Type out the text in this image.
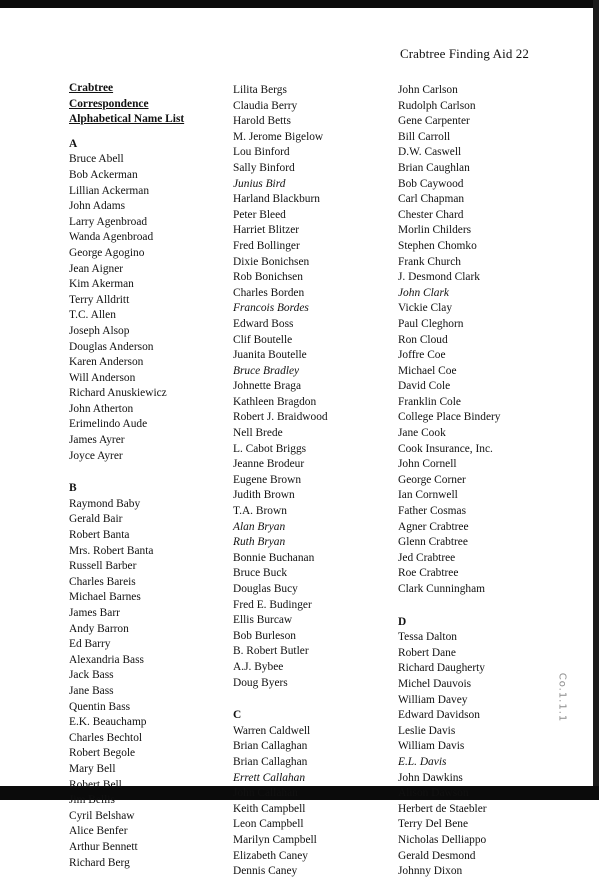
Crabtree Finding Aid 22
Crabtree
Correspondence
Alphabetical Name List
A
Bruce Abell
Bob Ackerman
Lillian Ackerman
John Adams
Larry Agenbroad
Wanda Agenbroad
George Agogino
Jean Aigner
Kim Akerman
Terry Alldritt
T.C. Allen
Joseph Alsop
Douglas Anderson
Karen Anderson
Will Anderson
Richard Anuskiewicz
John Atherton
Erimelindo Aude
James Ayrer
Joyce Ayrer
B
Raymond Baby
Gerald Bair
Robert Banta
Mrs. Robert Banta
Russell Barber
Charles Bareis
Michael Barnes
James Barr
Andy Barron
Ed Barry
Alexandria Bass
Jack Bass
Jane Bass
Quentin Bass
E.K. Beauchamp
Charles Bechtol
Robert Begole
Mary Bell
Robert Bell
Jim Bellis
Cyril Belshaw
Alice Benfer
Arthur Bennett
Richard Berg
Lilita Bergs
Claudia Berry
Harold Betts
M. Jerome Bigelow
Lou Binford
Sally Binford
Junius Bird
Harland Blackburn
Peter Bleed
Harriet Blitzer
Fred Bollinger
Dixie Bonichsen
Rob Bonichsen
Charles Borden
Francois Bordes
Edward Boss
Clif Boutelle
Juanita Boutelle
Bruce Bradley
Johnette Braga
Kathleen Bragdon
Robert J. Braidwood
Nell Brede
L. Cabot Briggs
Jeanne Brodeur
Eugene Brown
Judith Brown
T.A. Brown
Alan Bryan
Ruth Bryan
Bonnie Buchanan
Bruce Buck
Douglas Bucy
Fred E. Budinger
Ellis Burcaw
Bob Burleson
B. Robert Butler
A.J. Bybee
Doug Byers
C
Warren Caldwell
Brian Callaghan
Brian Callaghan
Errett Callahan
John Callahan
Keith Campbell
Leon Campbell
Marilyn Campbell
Elizabeth Caney
Dennis Caney
John Carlson
Rudolph Carlson
Gene Carpenter
Bill Carroll
D.W. Caswell
Brian Caughlan
Bob Caywood
Carl Chapman
Chester Chard
Morlin Childers
Stephen Chomko
Frank Church
J. Desmond Clark
John Clark
Vickie Clay
Paul Cleghorn
Ron Cloud
Joffre Coe
Michael Coe
David Cole
Franklin Cole
College Place Bindery
Jane Cook
Cook Insurance, Inc.
John Cornell
George Corner
Ian Cornwell
Father Cosmas
Agner Crabtree
Glenn Crabtree
Jed Crabtree
Roe Crabtree
Clark Cunningham
D
Tessa Dalton
Robert Dane
Richard Daugherty
Michel Dauvois
William Davey
Edward Davidson
Leslie Davis
William Davis
E.L. Davis
John Dawkins
Alison Dawson
Herbert de Staebler
Terry Del Bene
Nicholas Delliappo
Gerald Desmond
Johnny Dixon
Co.1.1.1
